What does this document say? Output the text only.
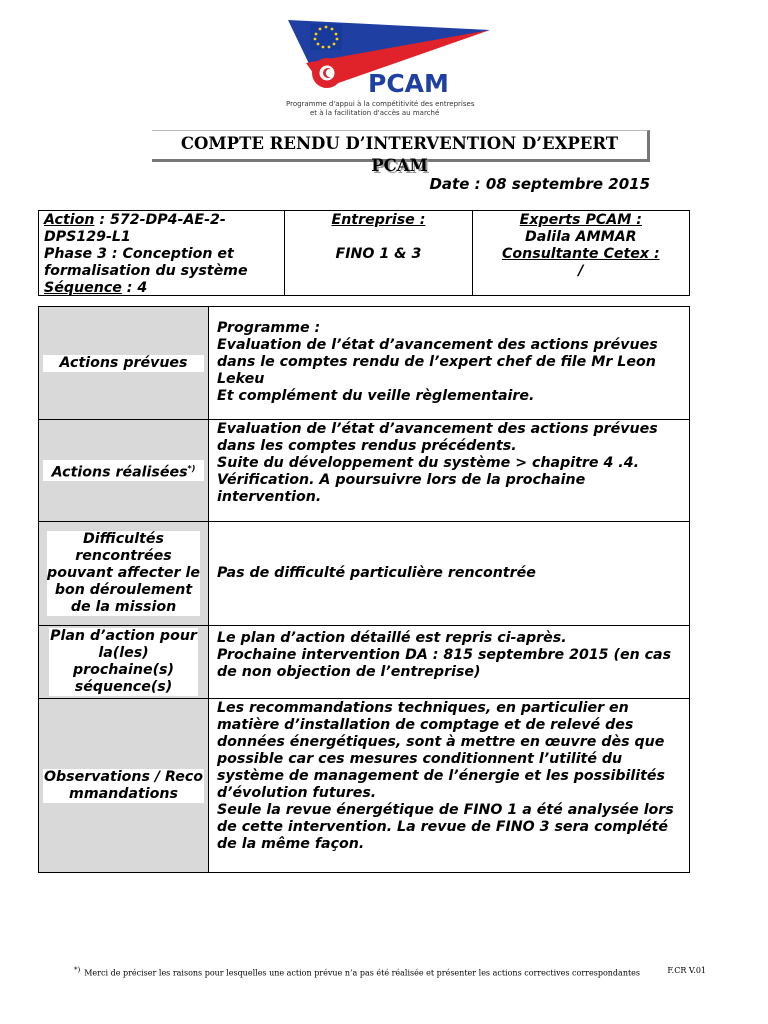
PCAM
Programme d'appui à la compétitivité des entreprises
et à la facilitation d'accès au marché
COMPTE RENDU D’INTERVENTION D’EXPERT
PCAM
Date : 08 septembre 2015
Action : 572-DP4-AE-2-DPS129-L1
Phase 3 : Conception et formalisation du système
Séquence : 4
Entreprise :
FINO 1 & 3
Experts PCAM :
Dalila AMMAR
Consultante Cetex :
/
Actions prévues	Programme :
Evaluation de l’état d’avancement des actions prévues dans le comptes rendu de l’expert chef de file Mr Leon Lekeu
Et complément du veille règlementaire.

Actions réalisées*)	Evaluation de l’état d’avancement des actions prévues dans les comptes rendus précédents.
Suite du développement du système > chapitre 4 .4. Vérification. A poursuivre lors de la prochaine intervention.

Difficultés rencontrées pouvant affecter le bon déroulement de la mission	Pas de difficulté particulière rencontrée

Plan d’action pour la(les) prochaine(s) séquence(s)	Le plan d’action détaillé est repris ci-après.
Prochaine intervention DA : 815 septembre 2015 (en cas de non objection de l’entreprise)

Observations / Recommandations	Les recommandations techniques, en particulier en matière d’installation de comptage et de relevé des données énergétiques, sont à mettre en œuvre dès que possible car ces mesures conditionnent l’utilité du système de management de l’énergie et les possibilités d’évolution futures.
Seule la revue énergétique de FINO 1 a été analysée lors de cette intervention. La revue de FINO 3 sera complété de la même façon.
*) Merci de préciser les raisons pour lesquelles une action prévue n’a pas été réalisée et présenter les actions correctives correspondantes	F.CR V.01
